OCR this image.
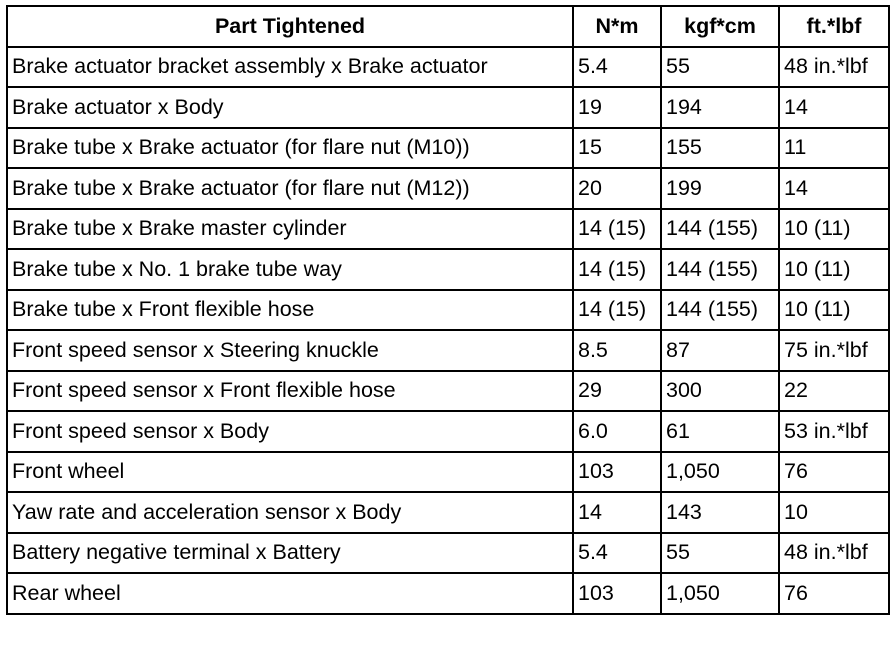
Part Tightened	N*m	kgf*cm	ft.*lbf
Brake actuator bracket assembly x Brake actuator	5.4	55	48 in.*lbf
Brake actuator x Body	19	194	14
Brake tube x Brake actuator (for flare nut (M10))	15	155	11
Brake tube x Brake actuator (for flare nut (M12))	20	199	14
Brake tube x Brake master cylinder	14 (15)	144 (155)	10 (11)
Brake tube x No. 1 brake tube way	14 (15)	144 (155)	10 (11)
Brake tube x Front flexible hose	14 (15)	144 (155)	10 (11)
Front speed sensor x Steering knuckle	8.5	87	75 in.*lbf
Front speed sensor x Front flexible hose	29	300	22
Front speed sensor x Body	6.0	61	53 in.*lbf
Front wheel	103	1,050	76
Yaw rate and acceleration sensor x Body	14	143	10
Battery negative terminal x Battery	5.4	55	48 in.*lbf
Rear wheel	103	1,050	76
